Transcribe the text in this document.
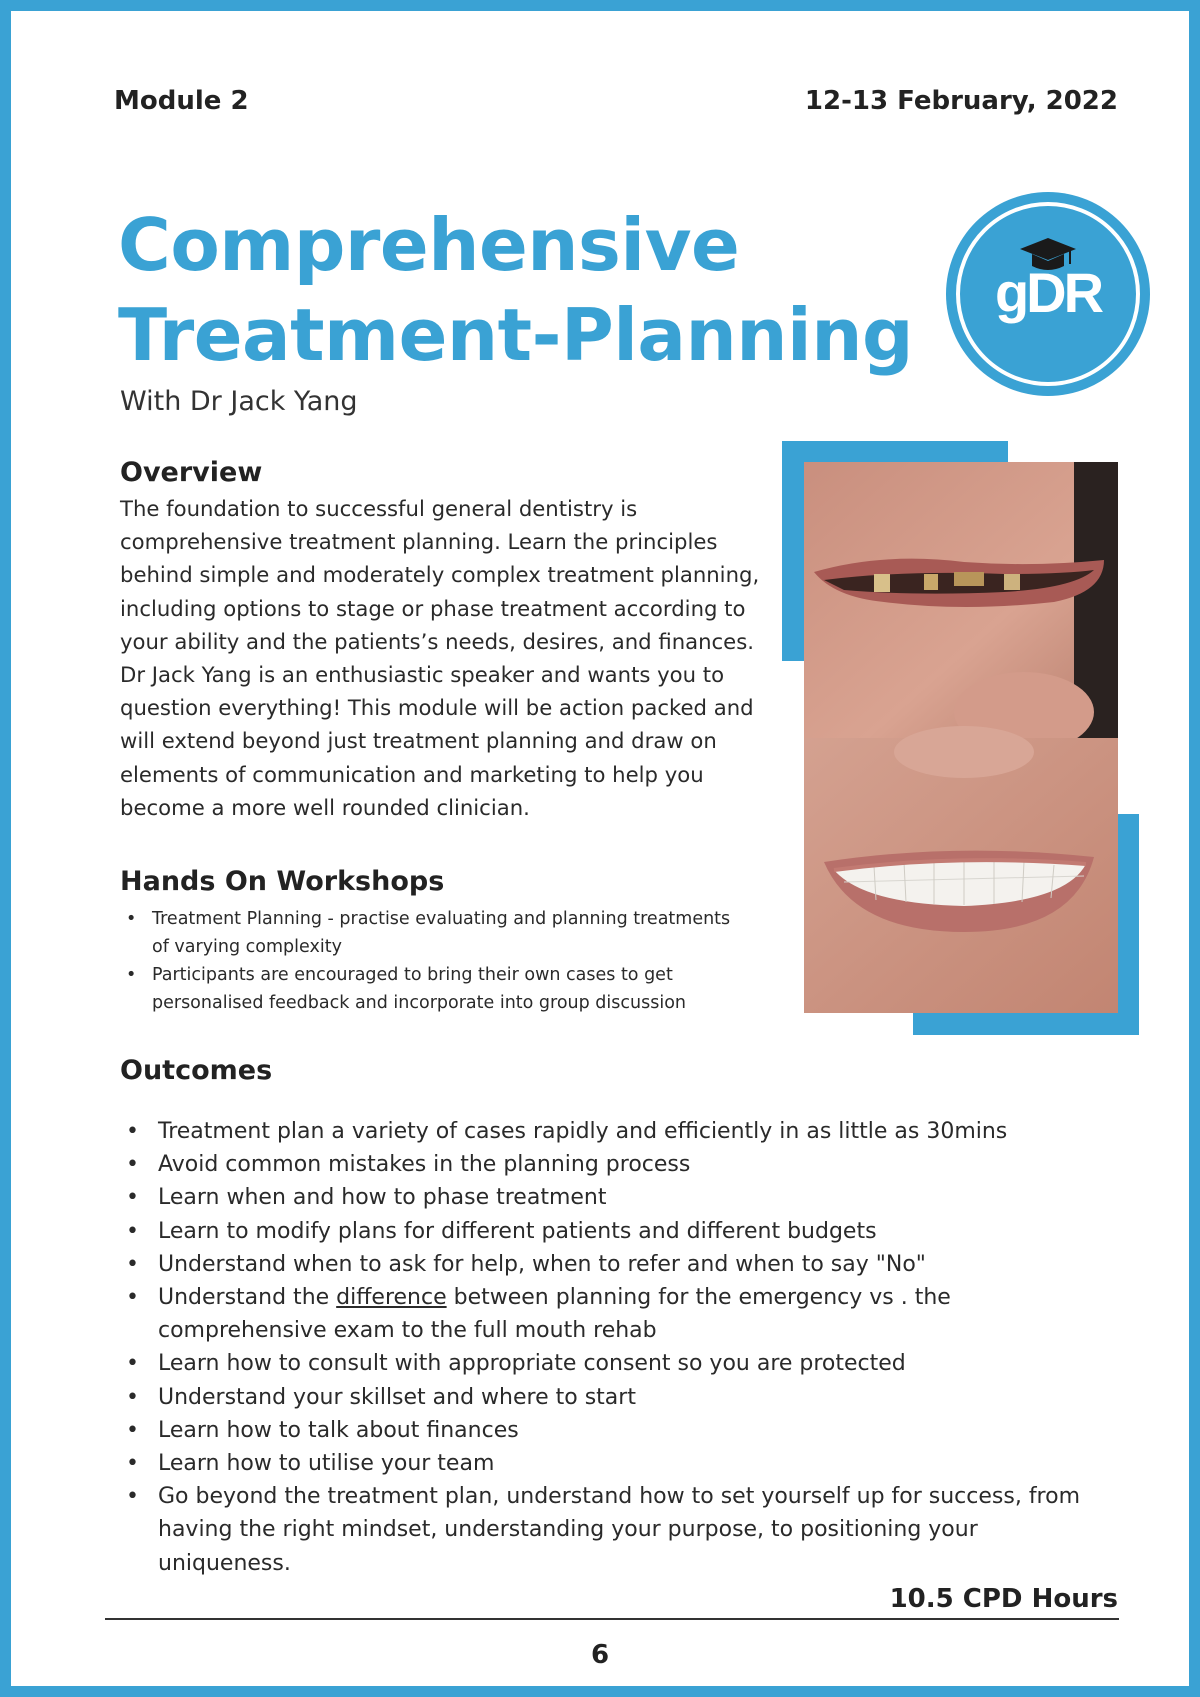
Module 2	12-13 February, 2022
Comprehensive
Treatment-Planning
With Dr Jack Yang
gDR
Overview

The foundation to successful general dentistry is comprehensive treatment planning. Learn the principles behind simple and moderately complex treatment planning, including options to stage or phase treatment according to your ability and the patients’s needs, desires, and finances. Dr Jack Yang is an enthusiastic speaker and wants you to question everything! This module will be action packed and will extend beyond just treatment planning and draw on elements of communication and marketing to help you become a more well rounded clinician.

Hands On Workshops
• Treatment Planning - practise evaluating and planning treatments of varying complexity
• Participants are encouraged to bring their own cases to get personalised feedback and incorporate into group discussion
Outcomes
• Treatment plan a variety of cases rapidly and efficiently in as little as 30mins
• Avoid common mistakes in the planning process
• Learn when and how to phase treatment
• Learn to modify plans for different patients and different budgets
• Understand when to ask for help, when to refer and when to say "No"
• Understand the difference between planning for the emergency vs . the comprehensive exam to the full mouth rehab
• Learn how to consult with appropriate consent so you are protected
• Understand your skillset and where to start
• Learn how to talk about finances
• Learn how to utilise your team
• Go beyond the treatment plan, understand how to set yourself up for success, from having the right mindset, understanding your purpose, to positioning your uniqueness.
10.5 CPD Hours
6
